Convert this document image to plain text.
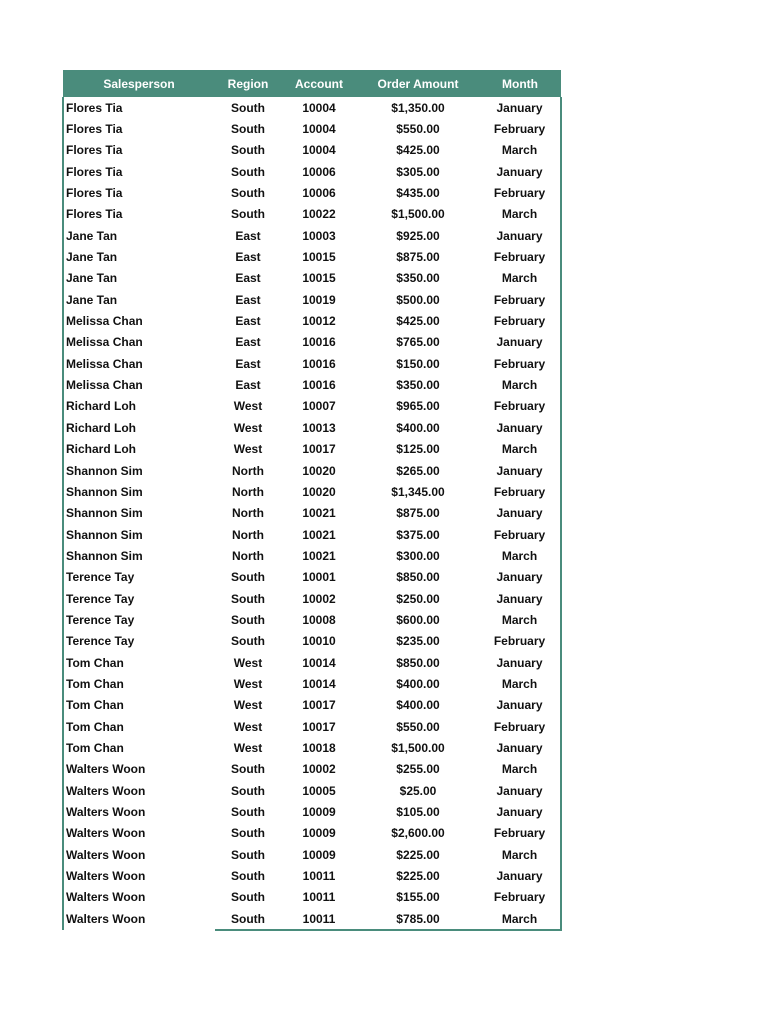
Salesperson	Region	Account	Order Amount	Month
Flores Tia	South	10004	$1,350.00	January
Flores Tia	South	10004	$550.00	February
Flores Tia	South	10004	$425.00	March
Flores Tia	South	10006	$305.00	January
Flores Tia	South	10006	$435.00	February
Flores Tia	South	10022	$1,500.00	March
Jane Tan	East	10003	$925.00	January
Jane Tan	East	10015	$875.00	February
Jane Tan	East	10015	$350.00	March
Jane Tan	East	10019	$500.00	February
Melissa Chan	East	10012	$425.00	February
Melissa Chan	East	10016	$765.00	January
Melissa Chan	East	10016	$150.00	February
Melissa Chan	East	10016	$350.00	March
Richard Loh	West	10007	$965.00	February
Richard Loh	West	10013	$400.00	January
Richard Loh	West	10017	$125.00	March
Shannon Sim	North	10020	$265.00	January
Shannon Sim	North	10020	$1,345.00	February
Shannon Sim	North	10021	$875.00	January
Shannon Sim	North	10021	$375.00	February
Shannon Sim	North	10021	$300.00	March
Terence Tay	South	10001	$850.00	January
Terence Tay	South	10002	$250.00	January
Terence Tay	South	10008	$600.00	March
Terence Tay	South	10010	$235.00	February
Tom Chan	West	10014	$850.00	January
Tom Chan	West	10014	$400.00	March
Tom Chan	West	10017	$400.00	January
Tom Chan	West	10017	$550.00	February
Tom Chan	West	10018	$1,500.00	January
Walters Woon	South	10002	$255.00	March
Walters Woon	South	10005	$25.00	January
Walters Woon	South	10009	$105.00	January
Walters Woon	South	10009	$2,600.00	February
Walters Woon	South	10009	$225.00	March
Walters Woon	South	10011	$225.00	January
Walters Woon	South	10011	$155.00	February
Walters Woon	South	10011	$785.00	March
